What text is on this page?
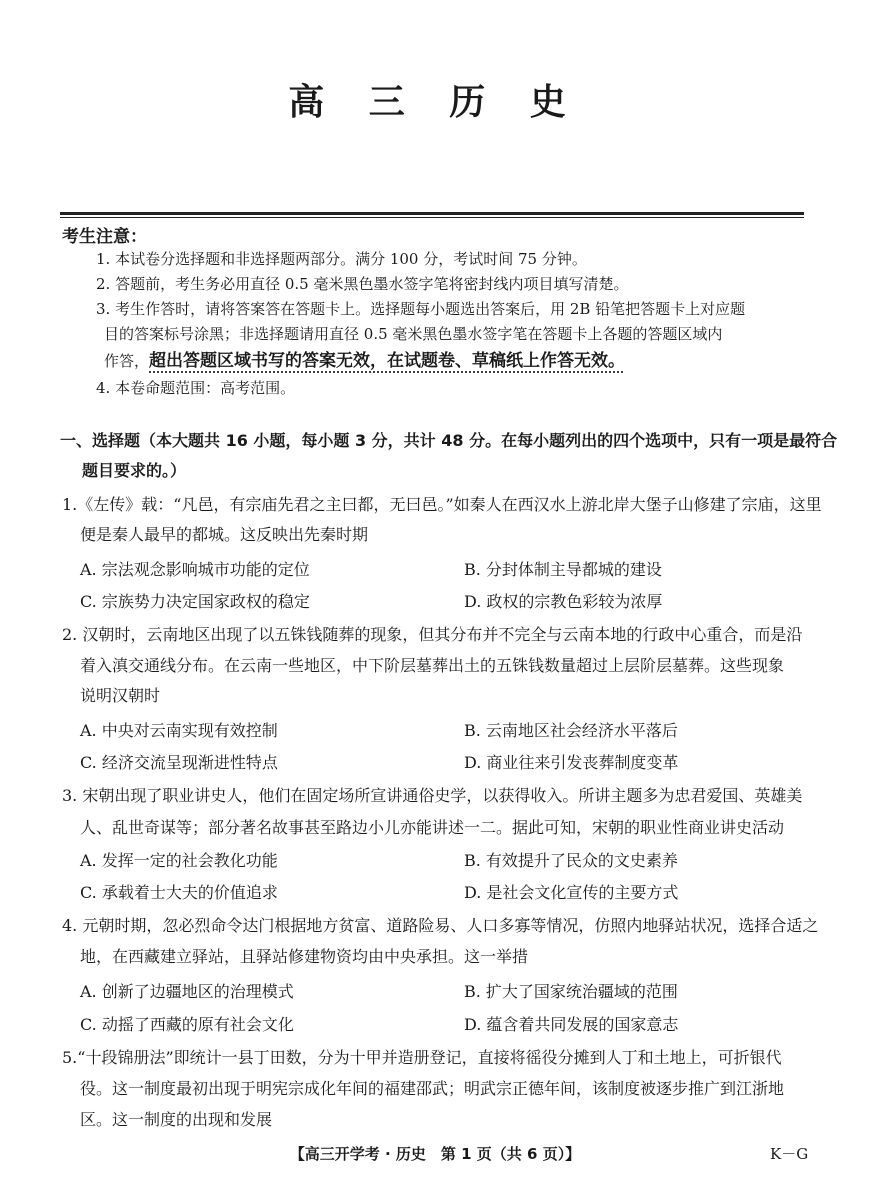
高 三 历 史
考生注意：
1. 本试卷分选择题和非选择题两部分。满分 100 分，考试时间 75 分钟。
2. 答题前，考生务必用直径 0.5 毫米黑色墨水签字笔将密封线内项目填写清楚。
3. 考生作答时，请将答案答在答题卡上。选择题每小题选出答案后，用 2B 铅笔把答题卡上对应题
目的答案标号涂黑；非选择题请用直径 0.5 毫米黑色墨水签字笔在答题卡上各题的答题区域内
作答，超出答题区域书写的答案无效，在试题卷、草稿纸上作答无效。
4. 本卷命题范围：高考范围。
一、选择题（本大题共 16 小题，每小题 3 分，共计 48 分。在每小题列出的四个选项中，只有一项是最符合
题目要求的。）
1.《左传》载：“凡邑，有宗庙先君之主曰都，无曰邑。”如秦人在西汉水上游北岸大堡子山修建了宗庙，这里
便是秦人最早的都城。这反映出先秦时期
A. 宗法观念影响城市功能的定位	B. 分封体制主导都城的建设
C. 宗族势力决定国家政权的稳定	D. 政权的宗教色彩较为浓厚
2. 汉朝时，云南地区出现了以五铢钱随葬的现象，但其分布并不完全与云南本地的行政中心重合，而是沿
着入滇交通线分布。在云南一些地区，中下阶层墓葬出土的五铢钱数量超过上层阶层墓葬。这些现象
说明汉朝时
A. 中央对云南实现有效控制	B. 云南地区社会经济水平落后
C. 经济交流呈现渐进性特点	D. 商业往来引发丧葬制度变革
3. 宋朝出现了职业讲史人，他们在固定场所宣讲通俗史学，以获得收入。所讲主题多为忠君爱国、英雄美
人、乱世奇谋等；部分著名故事甚至路边小儿亦能讲述一二。据此可知，宋朝的职业性商业讲史活动
A. 发挥一定的社会教化功能	B. 有效提升了民众的文史素养
C. 承载着士大夫的价值追求	D. 是社会文化宣传的主要方式
4. 元朝时期，忽必烈命令达门根据地方贫富、道路险易、人口多寡等情况，仿照内地驿站状况，选择合适之
地，在西藏建立驿站，且驿站修建物资均由中央承担。这一举措
A. 创新了边疆地区的治理模式	B. 扩大了国家统治疆域的范围
C. 动摇了西藏的原有社会文化	D. 蕴含着共同发展的国家意志
5.“十段锦册法”即统计一县丁田数，分为十甲并造册登记，直接将徭役分摊到人丁和土地上，可折银代
役。这一制度最初出现于明宪宗成化年间的福建邵武；明武宗正德年间，该制度被逐步推广到江浙地
区。这一制度的出现和发展
【高三开学考 · 历史　第 1 页（共 6 页）】	K－G
